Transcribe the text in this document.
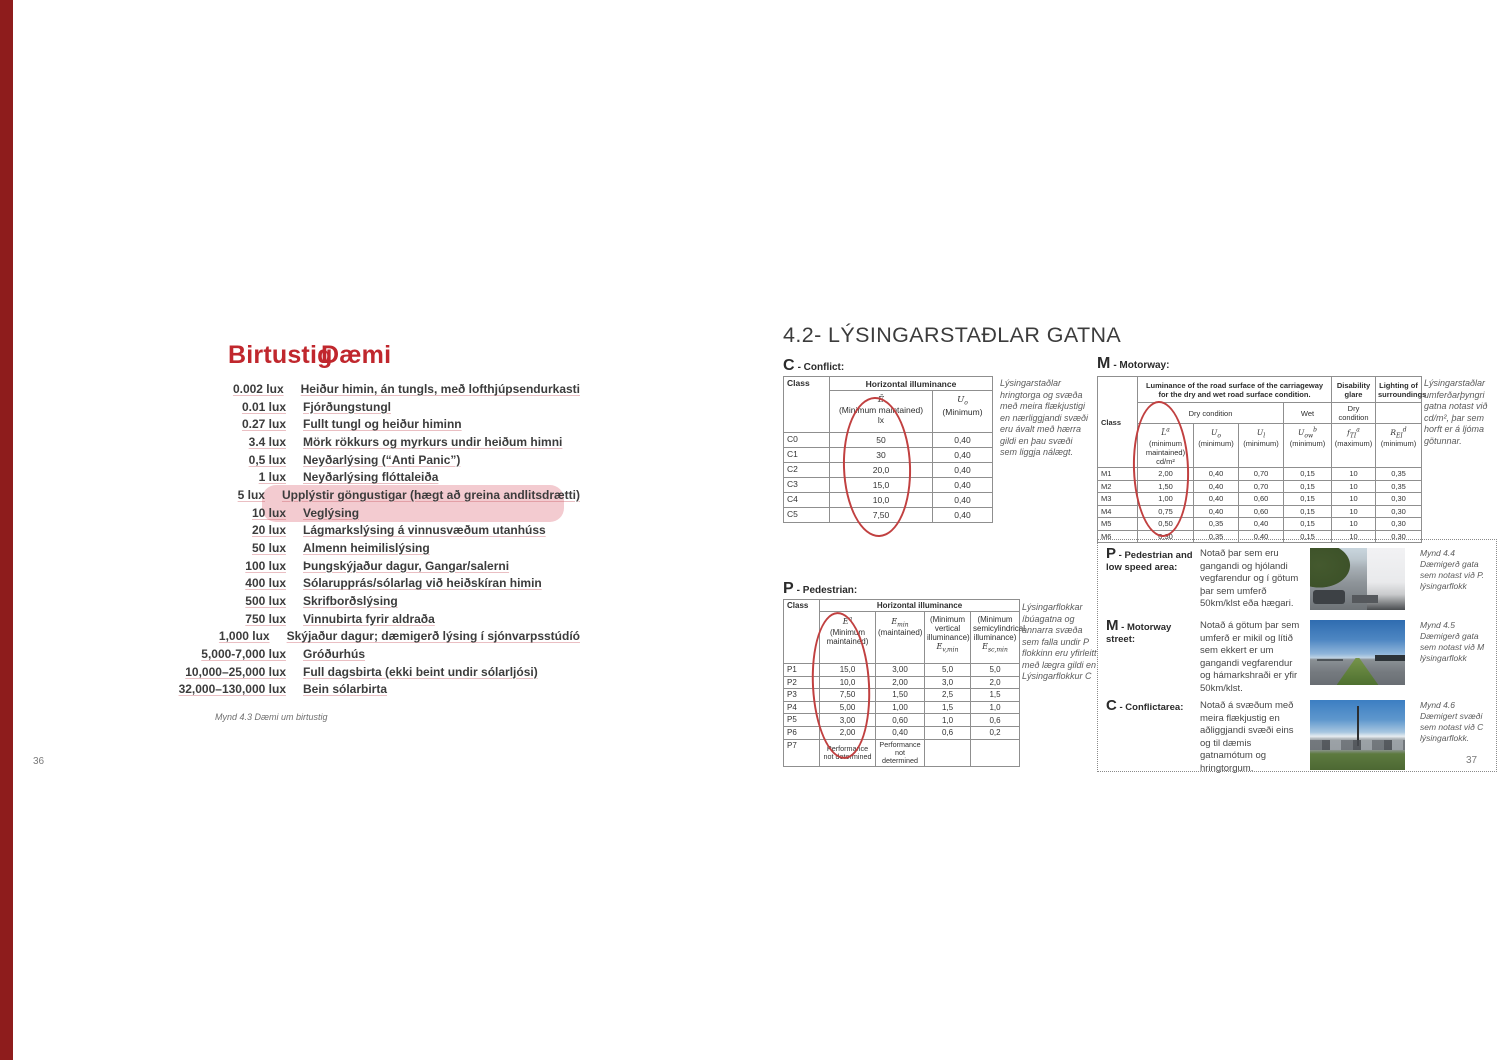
Birtustig
Dæmi
0.002 lux	Heiður himin, án tungls, með lofthjúpsendurkasti
0.01 lux	Fjórðungstungl
0.27 lux	Fullt tungl og heiður himinn
3.4 lux	Mörk rökkurs og myrkurs undir heiðum himni
0,5 lux	Neyðarlýsing (“Anti Panic”)
1 lux	Neyðarlýsing flóttaleiða
5 lux	Upplýstir göngustigar (hægt að greina andlitsdrætti)
10 lux	Veglýsing
20 lux	Lágmarkslýsing á vinnusvæðum utanhúss
50 lux	Almenn heimilislýsing
100 lux	Þungskýjaður dagur, Gangar/salerni
400 lux	Sólarupprás/sólarlag við heiðskíran himin
500 lux	Skrifborðslýsing
750 lux	Vinnubirta fyrir aldraða
1,000 lux	Skýjaður dagur; dæmigerð lýsing í sjónvarpsstúdíó
5,000-7,000 lux	Gróðurhús
10,000–25,000 lux	Full dagsbirta (ekki beint undir sólarljósi)
32,000–130,000 lux	Bein sólarbirta
Mynd 4.3 Dæmi um birtustig
36
4.2- LÝSINGARSTAÐLAR GATNA
C - Conflict:
Class	Horizontal illuminance	
Ē
(Minimum maintained)
lx
	$U_o$
(Minimum)

C0	50	0,40
C1	30	0,40
C2	20,0	0,40
C3	15,0	0,40
C4	10,0	0,40
C5	7,50	0,40
Lýsingarstaðlar hringtorga og svæða með meira flækjustigi en nærliggjandi svæði eru ávalt með hærra gildi en þau svæði sem liggja nálægt.
M - Motorway:
Class	Luminance of the road surface of the carriageway for the dry and wet road surface condition.				Disability glare	Lighting of surroundings
	Dry condition			Wet	Dry condition	
L̄$^a$
(minimum
maintained)
cd/m²
	$U_o$
(minimum)
	$U_l$
(minimum)
	$U_{ow}^b$
(minimum)
	$f_{TI}^a$
(maximum)
	$R_{EI}^d$
(minimum)

M1	2,00	0,40	0,70	0,15	10	0,35
M2	1,50	0,40	0,70	0,15	10	0,35
M3	1,00	0,40	0,60	0,15	10	0,30
M4	0,75	0,40	0,60	0,15	10	0,30
M5	0,50	0,35	0,40	0,15	10	0,30
M6	0,30	0,35	0,40	0,15	10	0,30
Lýsingarstaðlar umferðarþyngri gatna notast við cd/m², þar sem horft er á ljóma götunnar.
P - Pedestrian:
Class	Horizontal illuminance			
$Ē^a$
(Minimum
maintained)
	$E_{min}$
(maintained)

(Minimum
vertical
illuminance)
$E_{v,min}$	
(Minimum
semicylindrical
illuminance)
$E_{sc,min}$
P1	15,0	3,00	5,0	5,0
P2	10,0	2,00	3,0	2,0
P3	7,50	1,50	2,5	1,5
P4	5,00	1,00	1,5	1,0
P5	3,00	0,60	1,0	0,6
P6	2,00	0,40	0,6	0,2
P7	Performance not determined	Performance not determined		
Lýsingarflokkar íbúagatna og annarra svæða sem falla undir P flokkinn eru yfirleitt með lægra gildi en Lýsingarflokkur C
P - Pedestrian and low speed area:
Notað þar sem eru gangandi og hjólandi vegfarendur og í götum þar sem umferð 50km/klst eða hægari.
Mynd 4.4 Dæmigerð gata sem notast við P. lýsingarflokk
M - Motorway street:
Notað á götum þar sem umferð er mikil og lítið sem ekkert er um gangandi vegfarendur og hámarkshraði er yfir 50km/klst.
Mynd 4.5 Dæmigerð gata sem notast við M lýsingarflokk
C - Conflictarea:	Notað á svæðum með meira flækjustig en aðliggjandi svæði eins og til dæmis gatnamótum og hringtorgum.
Mynd 4.6 Dæmigert svæði sem notast við C lýsingarflokk.
37
